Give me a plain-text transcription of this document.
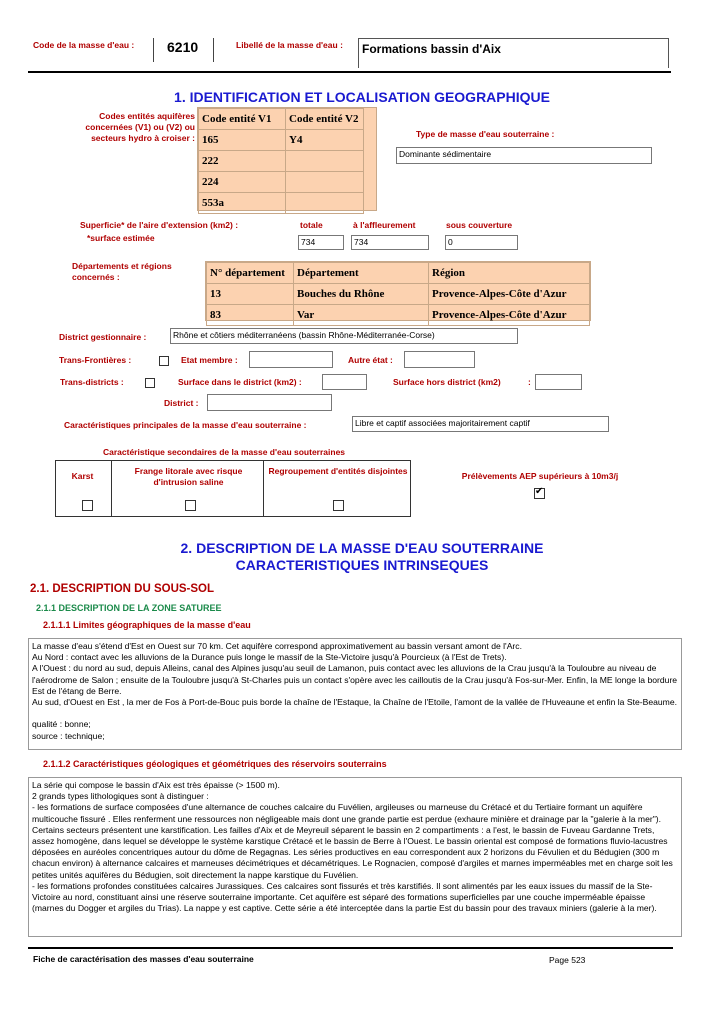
Code de la masse d'eau : 6210	Libellé de la masse d'eau : Formations bassin d'Aix
1. IDENTIFICATION ET LOCALISATION GEOGRAPHIQUE
Codes entités aquifères concernées (V1) ou (V2) ou secteurs hydro à croiser :
Code entité V1	Code entité V2
165	Y4
222	
224	
553a	
Type de masse d'eau souterraine :
Dominante sédimentaire
Superficie* de l'aire d'extension (km2) :
*surface estimée
totale	à l'affleurement	sous couverture
734	734	0
Départements et régions concernés :	N° département	Département	Région
13	Bouches du Rhône	Provence-Alpes-Côte d'Azur
83	Var	Provence-Alpes-Côte d'Azur
District gestionnaire :	Rhône et côtiers méditerranéens (bassin Rhône-Méditerranée-Corse)
Trans-Frontières :	Etat membre :	Autre état :
Trans-districts :	Surface dans le district (km2) :	Surface hors district (km2)	:
District :
Caractéristiques principales de la masse d'eau souterraine :	Libre et captif associées majoritairement captif
Caractéristique secondaires de la masse d'eau souterraines
Karst	Frange litorale avec risque d'intrusion saline
Regroupement d'entités disjointes	Prélèvements AEP supérieurs à 10m3/j
✔
2. DESCRIPTION DE LA MASSE D'EAU SOUTERRAINE
CARACTERISTIQUES INTRINSEQUES
2.1. DESCRIPTION DU SOUS-SOL
2.1.1 DESCRIPTION DE LA ZONE SATUREE
2.1.1.1 Limites géographiques de la masse d'eau
La masse d'eau s'étend d'Est en Ouest sur 70 km. Cet aquifère correspond approximativement au bassin versant amont de l'Arc.
Au Nord : contact avec les alluvions de la Durance puis longe le massif de la Ste-Victoire jusqu'à Pourcieux (à l'Est de Trets).
A l'Ouest : du nord au sud, depuis Alleins, canal des Alpines jusqu'au seuil de Lamanon, puis contact avec les alluvions de la Crau jusqu'à la Touloubre au niveau de l'aérodrome de Salon ; ensuite de la Touloubre jusqu'à St-Charles puis un contact s'opère avec les cailloutis de la Crau jusqu'à Fos-sur-Mer. Enfin, la ME longe la bordure Est de l'étang de Berre.
Au sud, d'Ouest en Est , la mer de Fos à Port-de-Bouc puis borde la chaîne de l'Estaque, la Chaîne de l'Etoile, l'amont de la vallée de l'Huveaune et enfin la Ste-Beaume.

qualité : bonne;
source : technique;
2.1.1.2 Caractéristiques géologiques et géométriques des réservoirs souterrains
La série qui compose le bassin d'Aix est très épaisse (> 1500 m).
2 grands types lithologiques sont à distinguer :
- les formations de surface composées d'une alternance de couches calcaire du Fuvélien, argileuses ou marneuse du Crétacé et du Tertiaire formant un aquifère multicouche fissuré . Elles renferment une ressources non négligeable mais dont une grande partie est perdue (exhaure minière et drainage par la "galerie à la mer"). Certains secteurs présentent une karstification. Les failles d'Aix et de Meyreuil séparent le bassin en 2 compartiments : a l'est, le bassin de Fuveau Gardanne Trets, assez homogène, dans lequel se développe le système karstique Crétacé et le bassin de Berre à l'Ouest. Le bassin oriental est composé de formations fluvio-lacustres déposées en auréoles concentriques autour du dôme de Regagnas. Les séries productives en eau correspondent aux 2 horizons du Févulien et du Bédugien (300 m chacun environ) à alternance calcaires et marneuses décimétriques et décamétriques. Le Rognacien, composé d'argiles et marnes imperméables met en charge soit les petites unités aquifères du Bédugien, soit directement la nappe karstique du Fuvélien.
- les formations profondes constituées calcaires Jurassiques. Ces calcaires sont fissurés et très karstifiés. Il sont alimentés par les eaux issues du massif de la Ste-Victoire au nord, constituant ainsi une réserve souterraine importante. Cet aquifère est séparé des formations superficielles par une couche imperméable épaisse (marnes du Dogger et argiles du Trias). La nappe y est captive. Cette série a été interceptée dans la partie Est du bassin pour des travaux miniers (galerie à la mer).
Fiche de caractérisation des masses d'eau souterraine	Page 523
